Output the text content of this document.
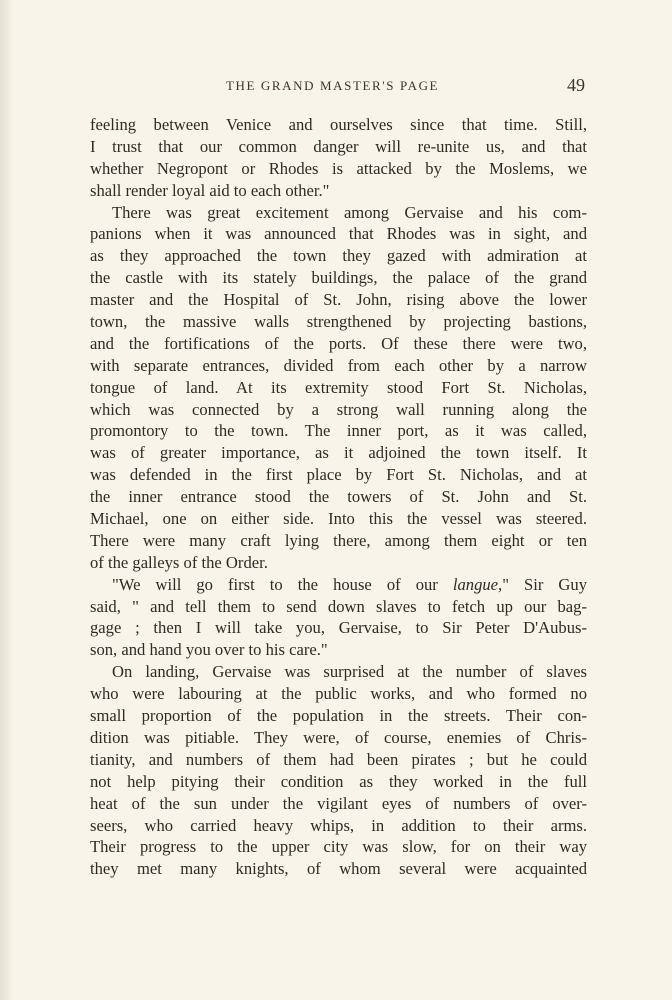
THE GRAND MASTER'S PAGE	49
feeling between Venice and ourselves since that time. Still,
I trust that our common danger will re-unite us, and that
whether Negropont or Rhodes is attacked by the Moslems, we
shall render loyal aid to each other."
There was great excitement among Gervaise and his com-
panions when it was announced that Rhodes was in sight, and
as they approached the town they gazed with admiration at
the castle with its stately buildings, the palace of the grand
master and the Hospital of St. John, rising above the lower
town, the massive walls strengthened by projecting bastions,
and the fortifications of the ports. Of these there were two,
with separate entrances, divided from each other by a narrow
tongue of land. At its extremity stood Fort St. Nicholas,
which was connected by a strong wall running along the
promontory to the town. The inner port, as it was called,
was of greater importance, as it adjoined the town itself. It
was defended in the first place by Fort St. Nicholas, and at
the inner entrance stood the towers of St. John and St.
Michael, one on either side. Into this the vessel was steered.
There were many craft lying there, among them eight or ten
of the galleys of the Order.
"We will go first to the house of our langue," Sir Guy
said, " and tell them to send down slaves to fetch up our bag-
gage ; then I will take you, Gervaise, to Sir Peter D'Aubus-
son, and hand you over to his care."
On landing, Gervaise was surprised at the number of slaves
who were labouring at the public works, and who formed no
small proportion of the population in the streets. Their con-
dition was pitiable. They were, of course, enemies of Chris-
tianity, and numbers of them had been pirates ; but he could
not help pitying their condition as they worked in the full
heat of the sun under the vigilant eyes of numbers of over-
seers, who carried heavy whips, in addition to their arms.
Their progress to the upper city was slow, for on their way
they met many knights, of whom several were acquainted
